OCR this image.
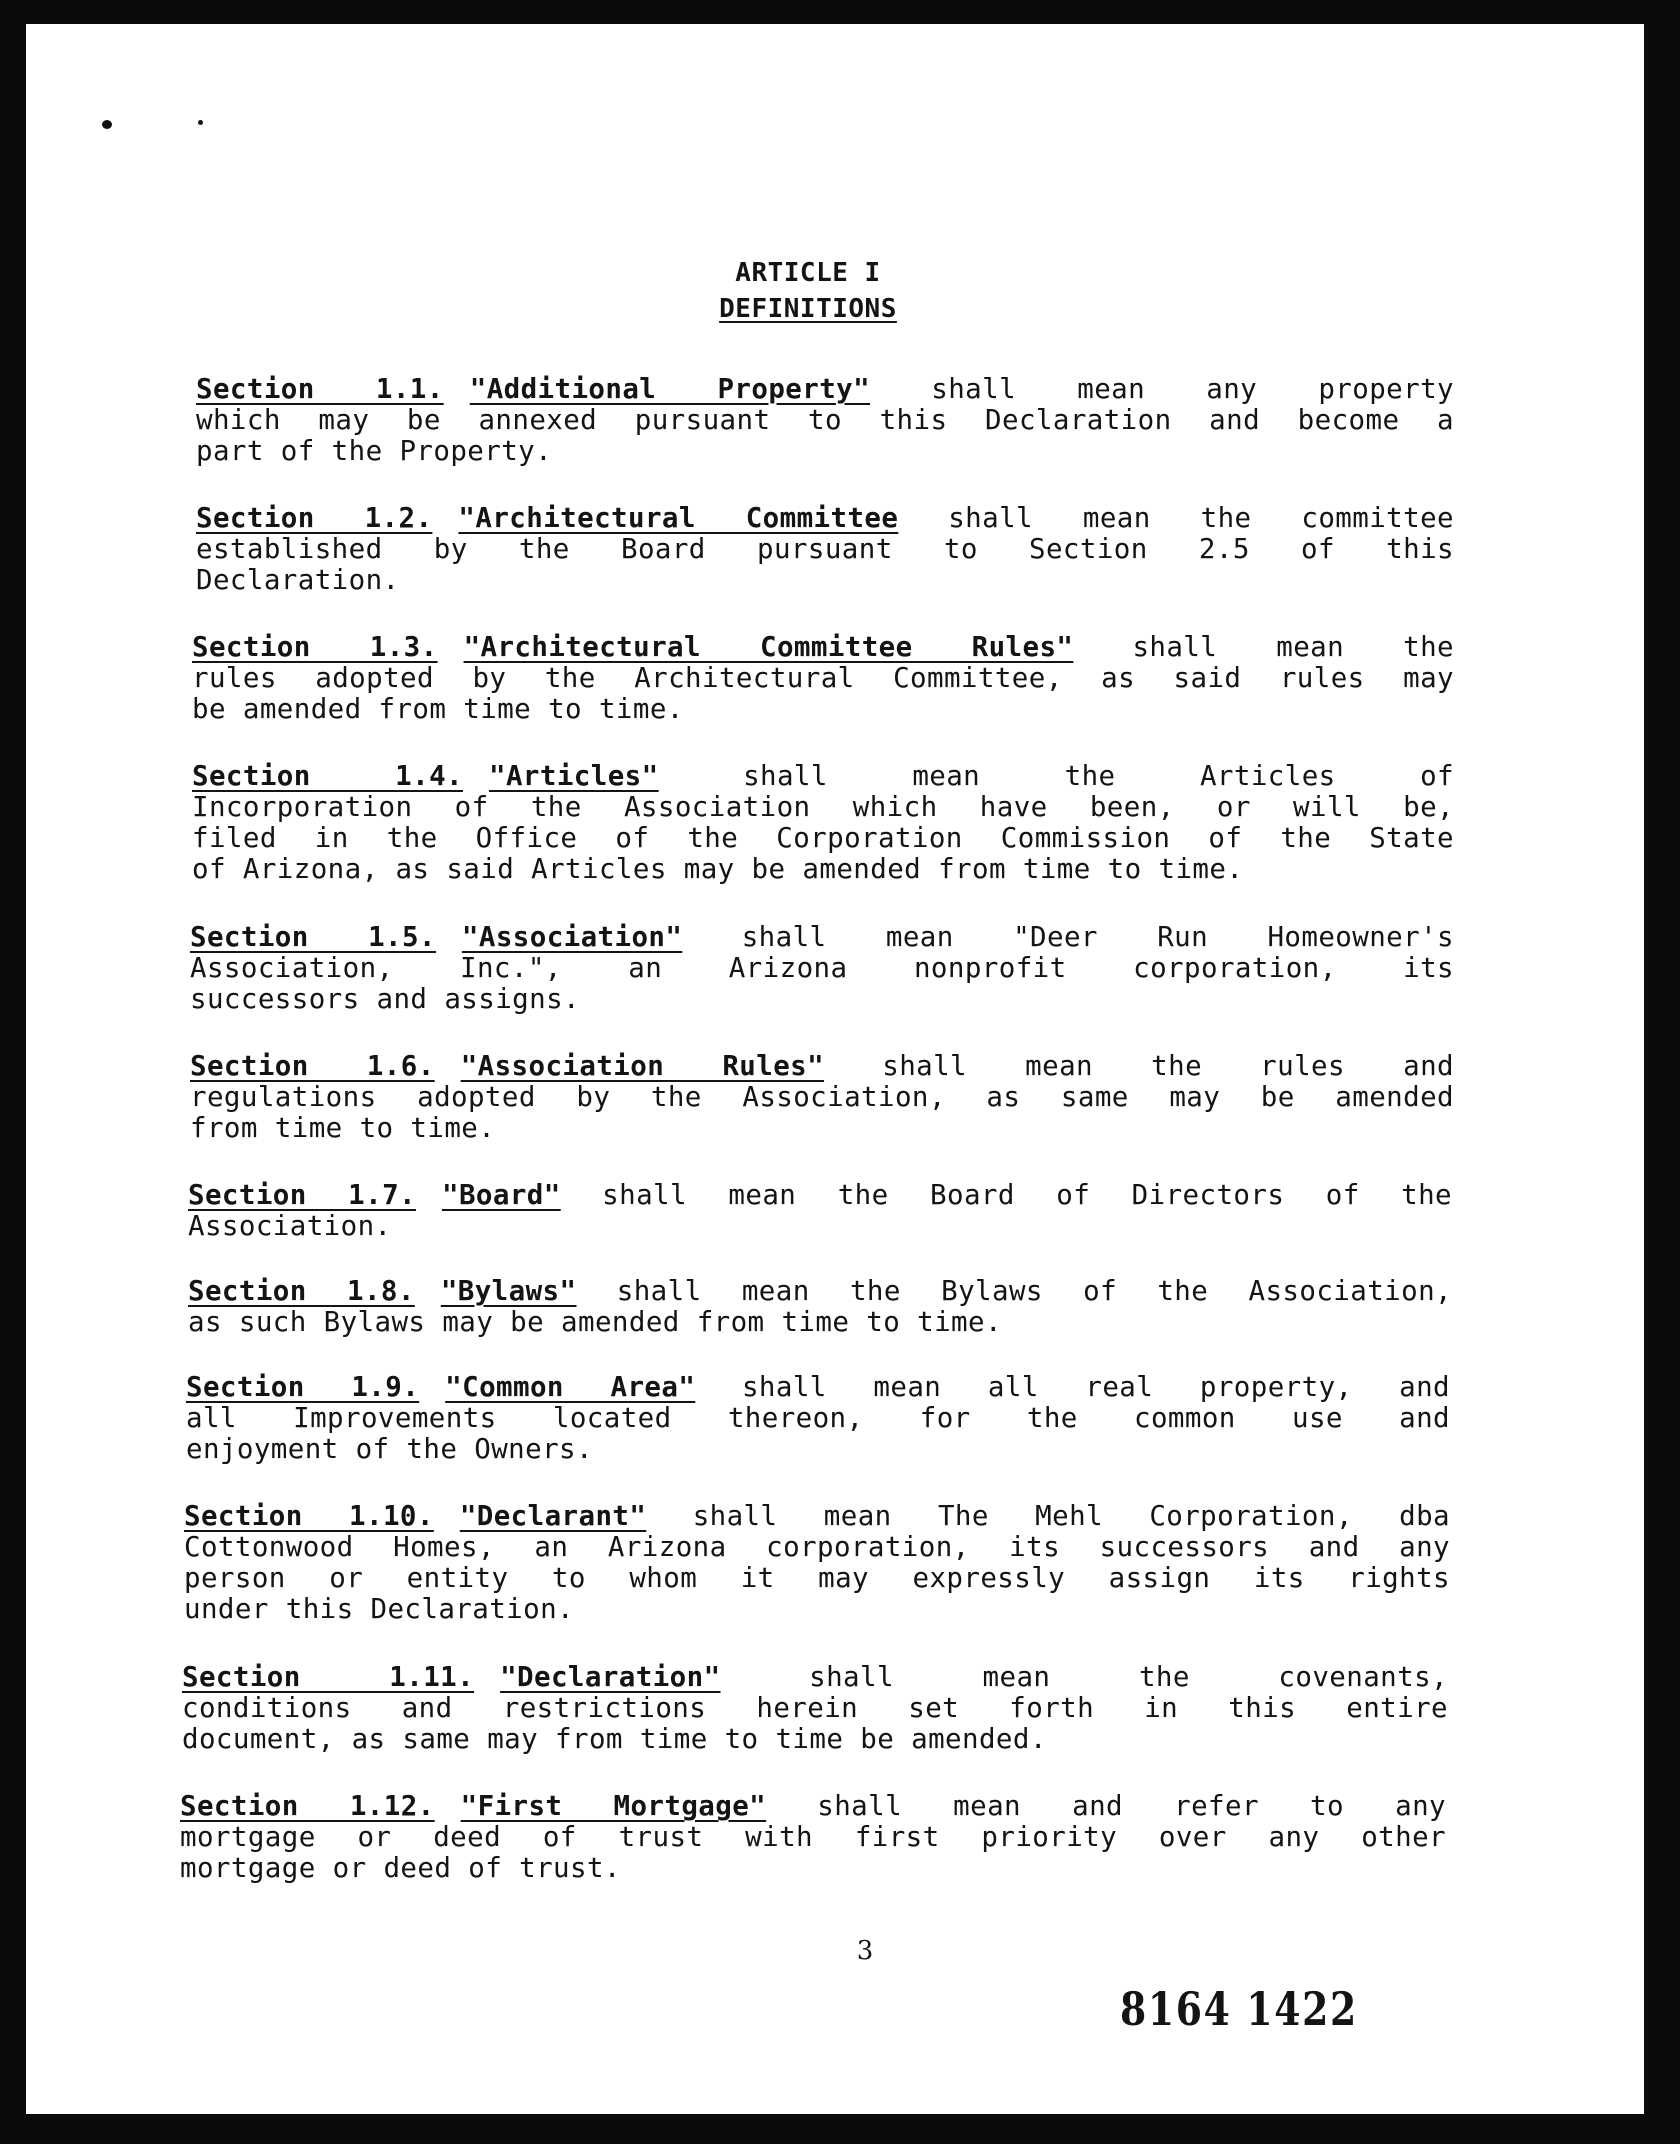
ARTICLE I
DEFINITIONS
Section 1.1. "Additional Property" shall mean any property
which may be annexed pursuant to this Declaration and become a
part of the Property.
Section 1.2. "Architectural Committee shall mean the committee
established by the Board pursuant to Section 2.5 of this
Declaration.
Section 1.3. "Architectural Committee Rules" shall mean the
rules adopted by the Architectural Committee, as said rules may
be amended from time to time.
Section 1.4. "Articles"	shall mean the Articles of
Incorporation of the Association which have been, or will be,
filed in the Office of the Corporation Commission of the State
of Arizona, as said Articles may be amended from time to time.
Section 1.5. "Association" shall mean "Deer Run Homeowner's
Association, Inc.", an Arizona nonprofit corporation, its
successors and assigns.
Section 1.6. "Association Rules" shall mean the rules and
regulations adopted by the Association, as same may be amended
from time to time.
Section 1.7. "Board" shall mean the Board of Directors of the
Association.
Section 1.8. "Bylaws" shall mean the Bylaws of the Association,
as such Bylaws may be amended from time to time.
Section 1.9. "Common Area" shall mean all real property, and
all Improvements located thereon, for the common use and
enjoyment of the Owners.
Section 1.10. "Declarant" shall mean The Mehl Corporation, dba
Cottonwood Homes, an Arizona corporation, its successors and any
person or entity to whom it may expressly assign its rights
under this Declaration.
Section 1.11. "Declaration"	shall mean the covenants,
conditions and restrictions herein set forth in this entire
document, as same may from time to time be amended.
Section 1.12. "First Mortgage" shall mean and refer to any
mortgage or deed of trust with first priority over any other
mortgage or deed of trust.
3
8164 1422
